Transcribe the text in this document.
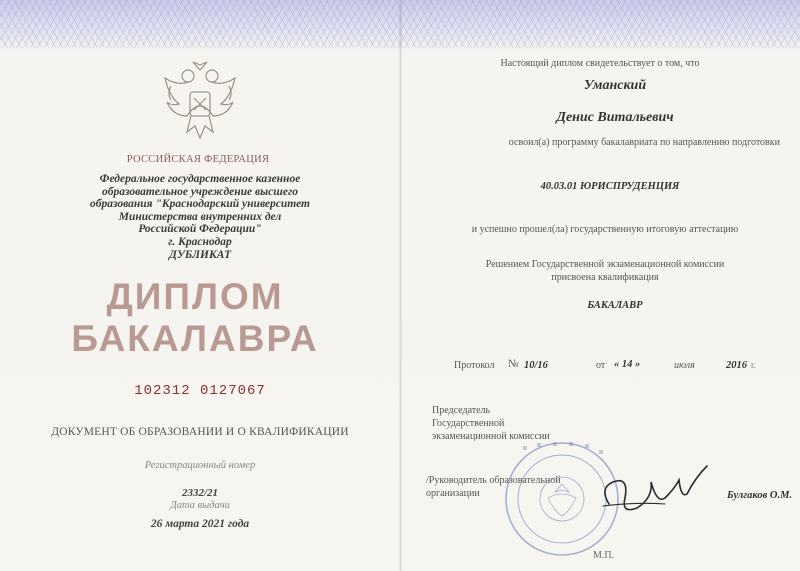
РОССИЙСКАЯ ФЕДЕРАЦИЯ
Федеральное государственное казенное
образовательное учреждение высшего
образования "Краснодарский университет
Министерства внутренних дел
Российской Федерации"
г. Краснодар
ДУБЛИКАТ
ДИПЛОМ
БАКАЛАВРА
102312 0127067
ДОКУМЕНТ ОБ ОБРАЗОВАНИИ И О КВАЛИФИКАЦИИ
Регистрационный номер
2332/21
Дата выдачи
26 марта 2021 года
Настоящий диплом свидетельствует о том, что
Уманский
Денис Витальевич
освоил(а) программу бакалавриата по направлению подготовки
40.03.01 ЮРИСПРУДЕНЦИЯ
и успешно прошел(ла) государственную итоговую аттестацию
Решением Государственной экзаменационной комиссии
присвоена квалификация
БАКАЛАВР
Протокол № 10/16	от « 14 »	июля	2016 г.
Председатель
Государственной
экзаменационной комиссии
/Руководитель образовательной
организации	Булгаков О.М.
М.П.
